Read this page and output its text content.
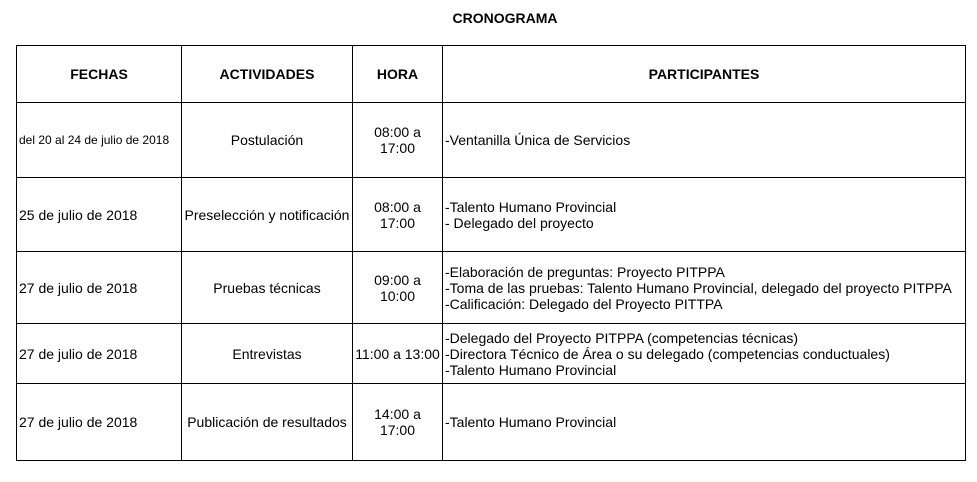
CRONOGRAMA
FECHAS	ACTIVIDADES	HORA	PARTICIPANTES
del 20 al 24 de julio de 2018	Postulación	08:00 a 17:00	-Ventanilla Única de Servicios

25 de julio de 2018	Preselección y notificación	08:00 a 17:00	-Talento Humano Provincial
- Delegado del proyecto

27 de julio de 2018	Pruebas técnicas	09:00 a 10:00	-Elaboración de preguntas: Proyecto PITPPA
-Toma de las pruebas: Talento Humano Provincial, delegado del proyecto PITPPA
-Calificación: Delegado del Proyecto PITTPA

27 de julio de 2018	Entrevistas	11:00 a 13:00	-Delegado del Proyecto PITPPA (competencias técnicas)
-Directora Técnico de Área o su delegado (competencias conductuales)
-Talento Humano Provincial

27 de julio de 2018	Publicación de resultados	14:00 a 17:00	-Talento Humano Provincial
